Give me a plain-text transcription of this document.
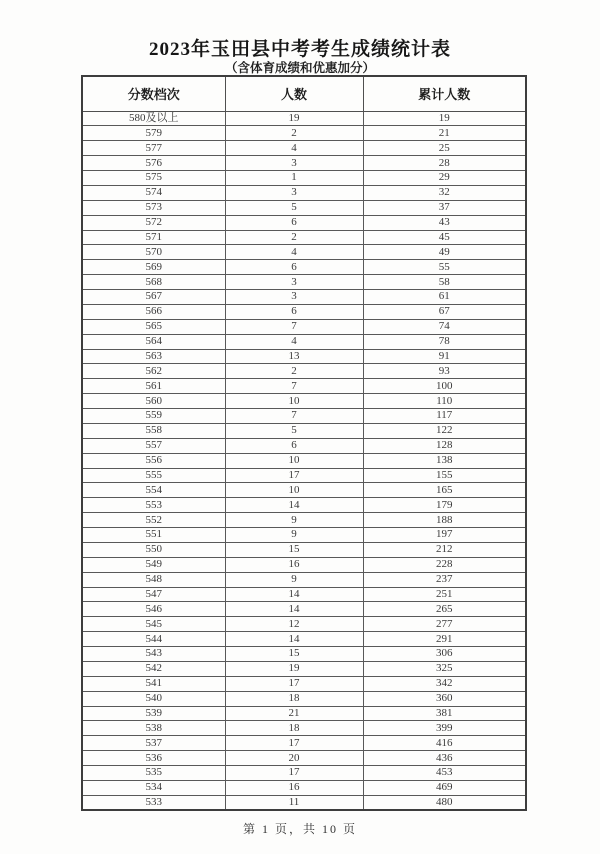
2023年玉田县中考考生成绩统计表
（含体育成绩和优惠加分）
分数档次	人数	累计人数
580及以上	19	19
579	2	21
577	4	25
576	3	28
575	1	29
574	3	32
573	5	37
572	6	43
571	2	45
570	4	49
569	6	55
568	3	58
567	3	61
566	6	67
565	7	74
564	4	78
563	13	91
562	2	93
561	7	100
560	10	110
559	7	117
558	5	122
557	6	128
556	10	138
555	17	155
554	10	165
553	14	179
552	9	188
551	9	197
550	15	212
549	16	228
548	9	237
547	14	251
546	14	265
545	12	277
544	14	291
543	15	306
542	19	325
541	17	342
540	18	360
539	21	381
538	18	399
537	17	416
536	20	436
535	17	453
534	16	469
533	11	480
第 1 页，共 10 页
